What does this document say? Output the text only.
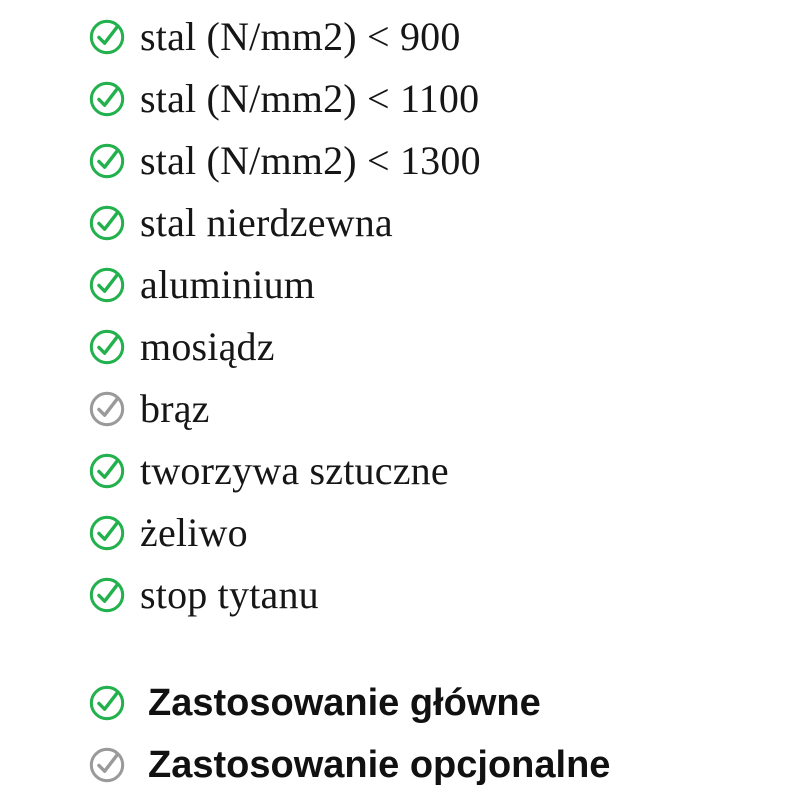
stal (N/mm2) < 900
stal (N/mm2) < 1100
stal (N/mm2) < 1300
stal nierdzewna
aluminium
mosiądz
brąz
tworzywa sztuczne
żeliwo
stop tytanu
Zastosowanie główne
Zastosowanie opcjonalne
